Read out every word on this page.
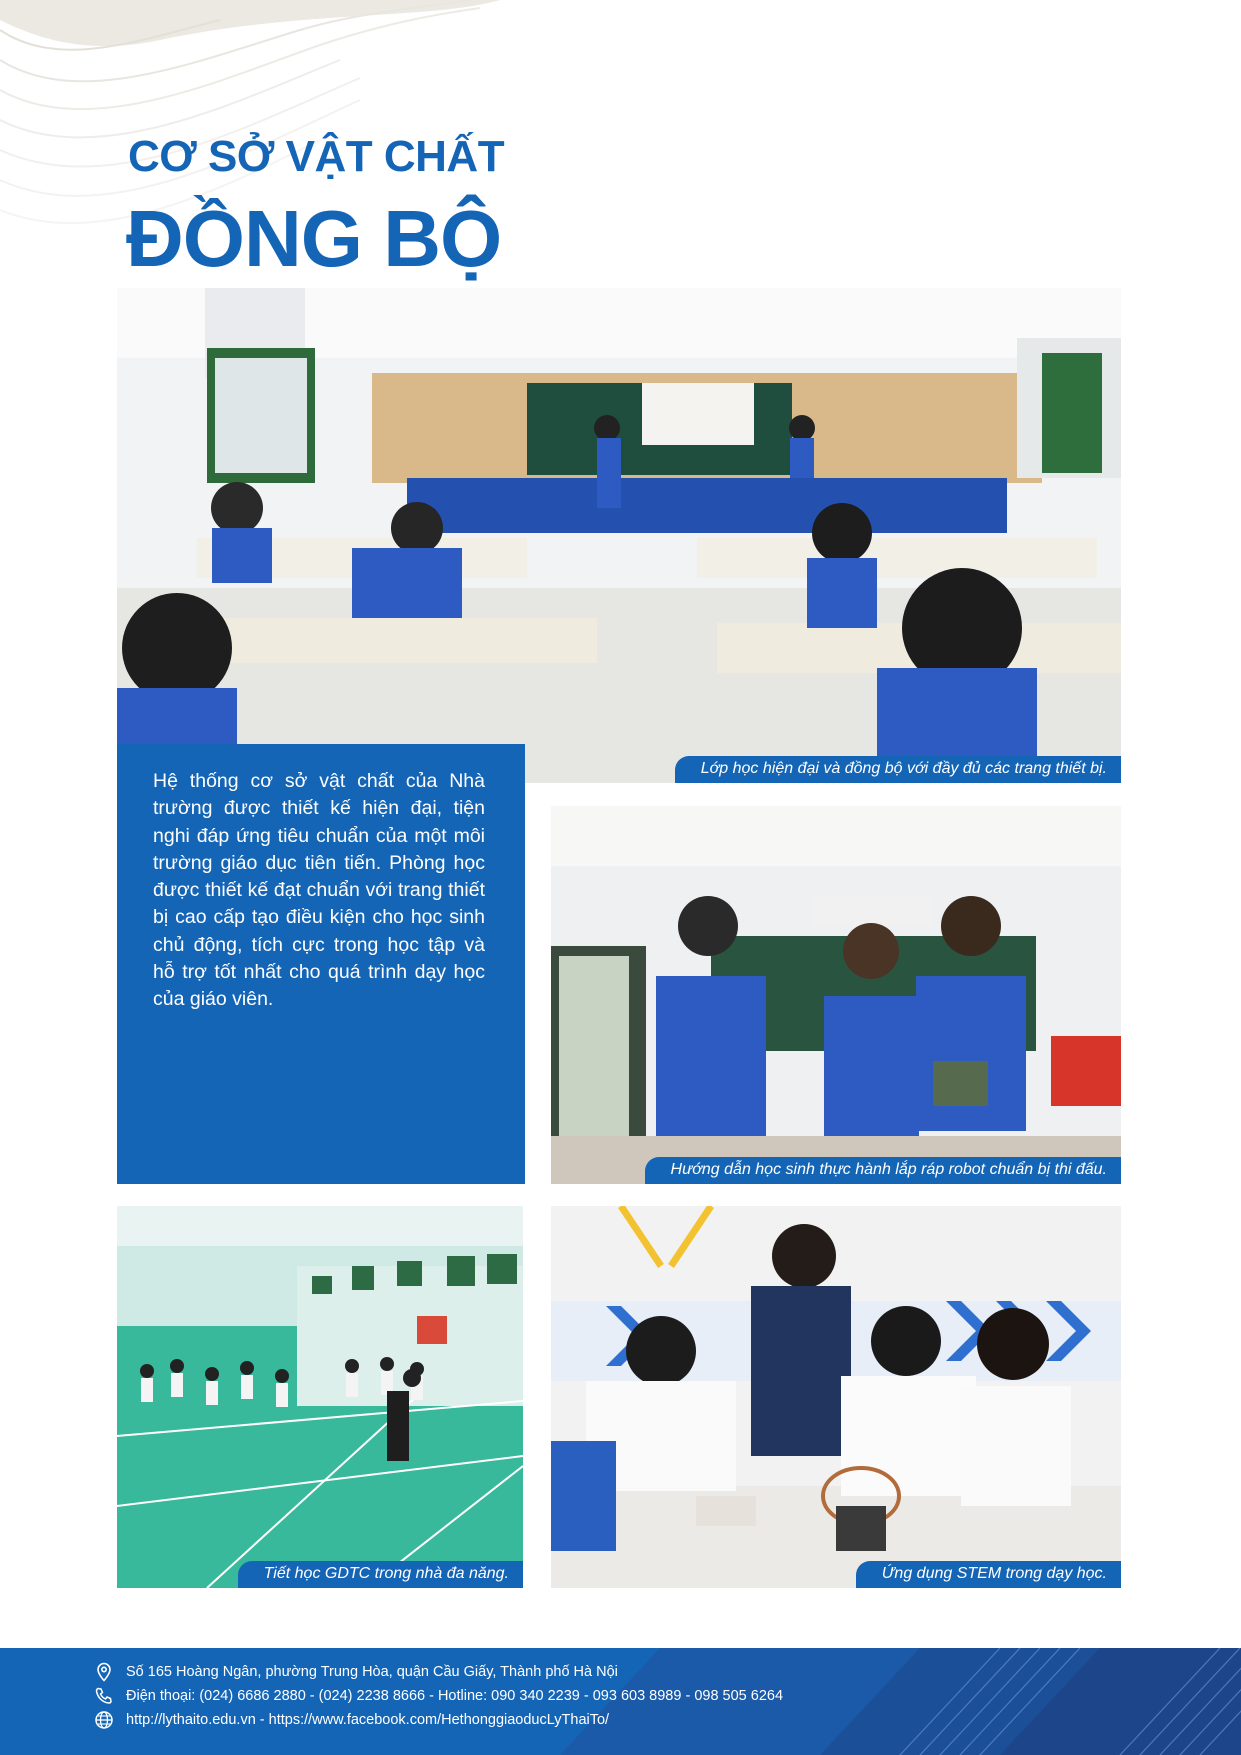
CƠ SỞ VẬT CHẤT
ĐỒNG BỘ
Lớp học hiện đại và đồng bộ với đầy đủ các trang thiết bị.

Hệ thống cơ sở vật chất của Nhà trường được thiết kế hiện đại, tiện nghi đáp ứng tiêu chuẩn của một môi trường giáo dục tiên tiến. Phòng học được thiết kế đạt chuẩn với trang thiết bị cao cấp tạo điều kiện cho học sinh chủ động, tích cực trong học tập và hỗ trợ tốt nhất cho quá trình dạy học của giáo viên.

Hướng dẫn học sinh thực hành lắp ráp robot chuẩn bị thi đấu.
Tiết học GDTC trong nhà đa năng.	Ứng dụng STEM trong dạy học.
Số 165 Hoàng Ngân, phường Trung Hòa, quận Cầu Giấy, Thành phố Hà Nội
Điện thoại: (024) 6686 2880 - (024) 2238 8666 - Hotline: 090 340 2239 - 093 603 8989 - 098 505 6264
http://lythaito.edu.vn - https://www.facebook.com/HethonggiaoducLyThaiTo/
